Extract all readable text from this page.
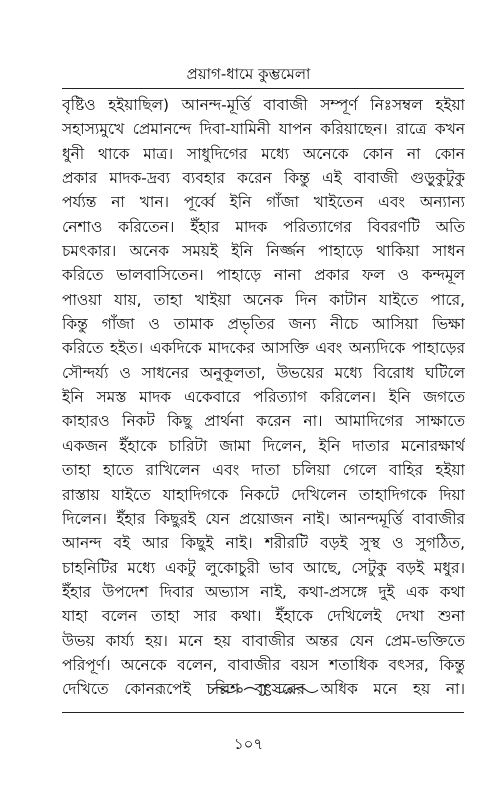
প্রয়াগ-ধামে কুম্ভমেলা
বৃষ্টিও হইয়াছিল) আনন্দ-মূর্ত্তি বাবাজী সম্পূর্ণ নিঃসম্বল হইয়া
সহাস্যমুখে প্রেমানন্দে দিবা-যামিনী যাপন করিয়াছেন। রাত্রে কখন
ধুনী থাকে মাত্র। সাধুদিগের মধ্যে অনেকে কোন না কোন
প্রকার মাদক-দ্রব্য ব্যবহার করেন কিন্তু এই বাবাজী গুড়ুকুটুকু
পর্য্যন্ত না খান। পূর্ব্বে ইনি গাঁজা খাইতেন এবং অন্যান্য
নেশাও করিতেন। ইঁহার মাদক পরিত্যাগের বিবরণটি অতি
চমৎকার। অনেক সময়ই ইনি নির্জ্জন পাহাড়ে থাকিয়া সাধন
করিতে ভালবাসিতেন। পাহাড়ে নানা প্রকার ফল ও কন্দমূল
পাওয়া যায়, তাহা খাইয়া অনেক দিন কাটান যাইতে পারে,
কিন্তু গাঁজা ও তামাক প্রভৃতির জন্য নীচে আসিয়া ভিক্ষা
করিতে হইত। একদিকে মাদকের আসক্তি এবং অন্যদিকে পাহাড়ের
সৌন্দর্য্য ও সাধনের অনুকূলতা, উভয়ের মধ্যে বিরোধ ঘটিলে
ইনি সমস্ত মাদক একেবারে পরিত্যাগ করিলেন। ইনি জগতে
কাহারও নিকট কিছু প্রার্থনা করেন না। আমাদিগের সাক্ষাতে
একজন ইঁহাকে চারিটা জামা দিলেন, ইনি দাতার মনোরক্ষার্থ
তাহা হাতে রাখিলেন এবং দাতা চলিয়া গেলে বাহির হইয়া
রাস্তায় যাইতে যাহাদিগকে নিকটে দেখিলেন তাহাদিগকে দিয়া
দিলেন। ইঁহার কিছুরই যেন প্রয়োজন নাই। আনন্দমূর্ত্তি বাবাজীর
আনন্দ বই আর কিছুই নাই। শরীরটি বড়ই সুস্থ ও সুগঠিত,
চাহনিটির মধ্যে একটু লুকোচুরী ভাব আছে, সেটুকু বড়ই মধুর।
ইঁহার উপদেশ দিবার অভ্যাস নাই, কথা-প্রসঙ্গে দুই এক কথা
যাহা বলেন তাহা সার কথা। ইঁহাকে দেখিলেই দেখা শুনা
উভয় কার্য্য হয়। মনে হয় বাবাজীর অন্তর যেন প্রেম-ভক্তিতে
পরিপূর্ণ। অনেকে বলেন, বাবাজীর বয়স শতাধিক বৎসর, কিন্তু
দেখিতে কোনরূপেই চল্লিশ বৎসরের অধিক মনে হয় না।
১০৭
